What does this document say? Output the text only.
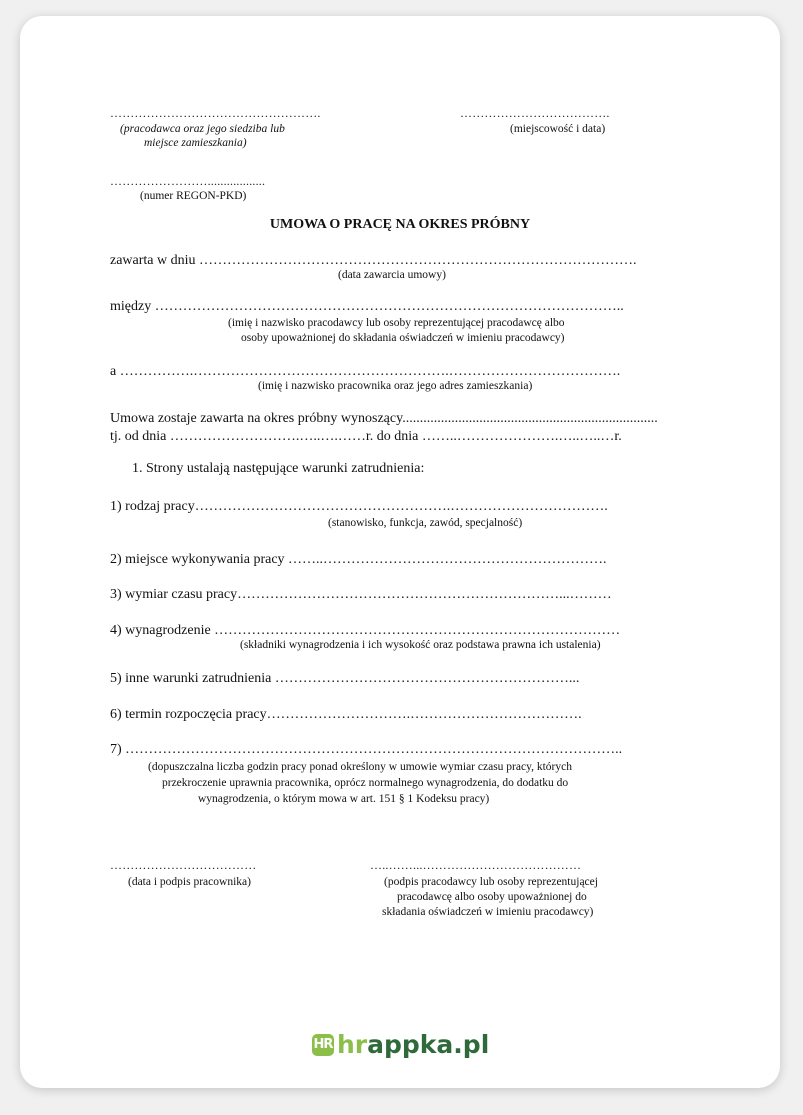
…………………………………………….
(pracodawca oraz jego siedziba lub
miejsce zamieszkania)
……………………………….
(miejscowość i data)
……………………..................
(numer REGON-PKD)
UMOWA O PRACĘ NA OKRES PRÓBNY
zawarta w dniu ………………………………………………………………………………….
(data zawarcia umowy)
między ………………………………………………………………………………………..
(imię i nazwisko pracodawcy lub osoby reprezentującej pracodawcę albo
osoby upoważnionej do składania oświadczeń w imieniu pracodawcy)
a …………….……………………………………………….……………………………….
(imię i nazwisko pracownika oraz jego adres zamieszkania)
Umowa zostaje zawarta na okres próbny wynoszący.........................................................................
tj. od dnia ……………………….…..….……r. do dnia ……..………………….…..…..…r.
1. Strony ustalają następujące warunki zatrudnienia:
1) rodzaj pracy……………………………………………….…………………………….
(stanowisko, funkcja, zawód, specjalność)
2) miejsce wykonywania pracy ……..…………………………………………………….
3) wymiar czasu pracy……………………………………………………………...………
4) wynagrodzenie ……………………………………………………………………………
(składniki wynagrodzenia i ich wysokość oraz podstawa prawna ich ustalenia)
5) inne warunki zatrudnienia ………………………………………………………...
6) termin rozpoczęcia pracy………………………….……………………………….
7) ……………………………………………………………………………………………..
(dopuszczalna liczba godzin pracy ponad określony w umowie wymiar czasu pracy, których
przekroczenie uprawnia pracownika, oprócz normalnego wynagrodzenia, do dodatku do
wynagrodzenia, o którym mowa w art. 151 § 1 Kodeksu pracy)
………………………………
(data i podpis pracownika)
…..……...…………………………………
(podpis pracodawcy lub osoby reprezentującej
pracodawcę albo osoby upoważnionej do
składania oświadczeń w imieniu pracodawcy)
HR hr appka.pl
